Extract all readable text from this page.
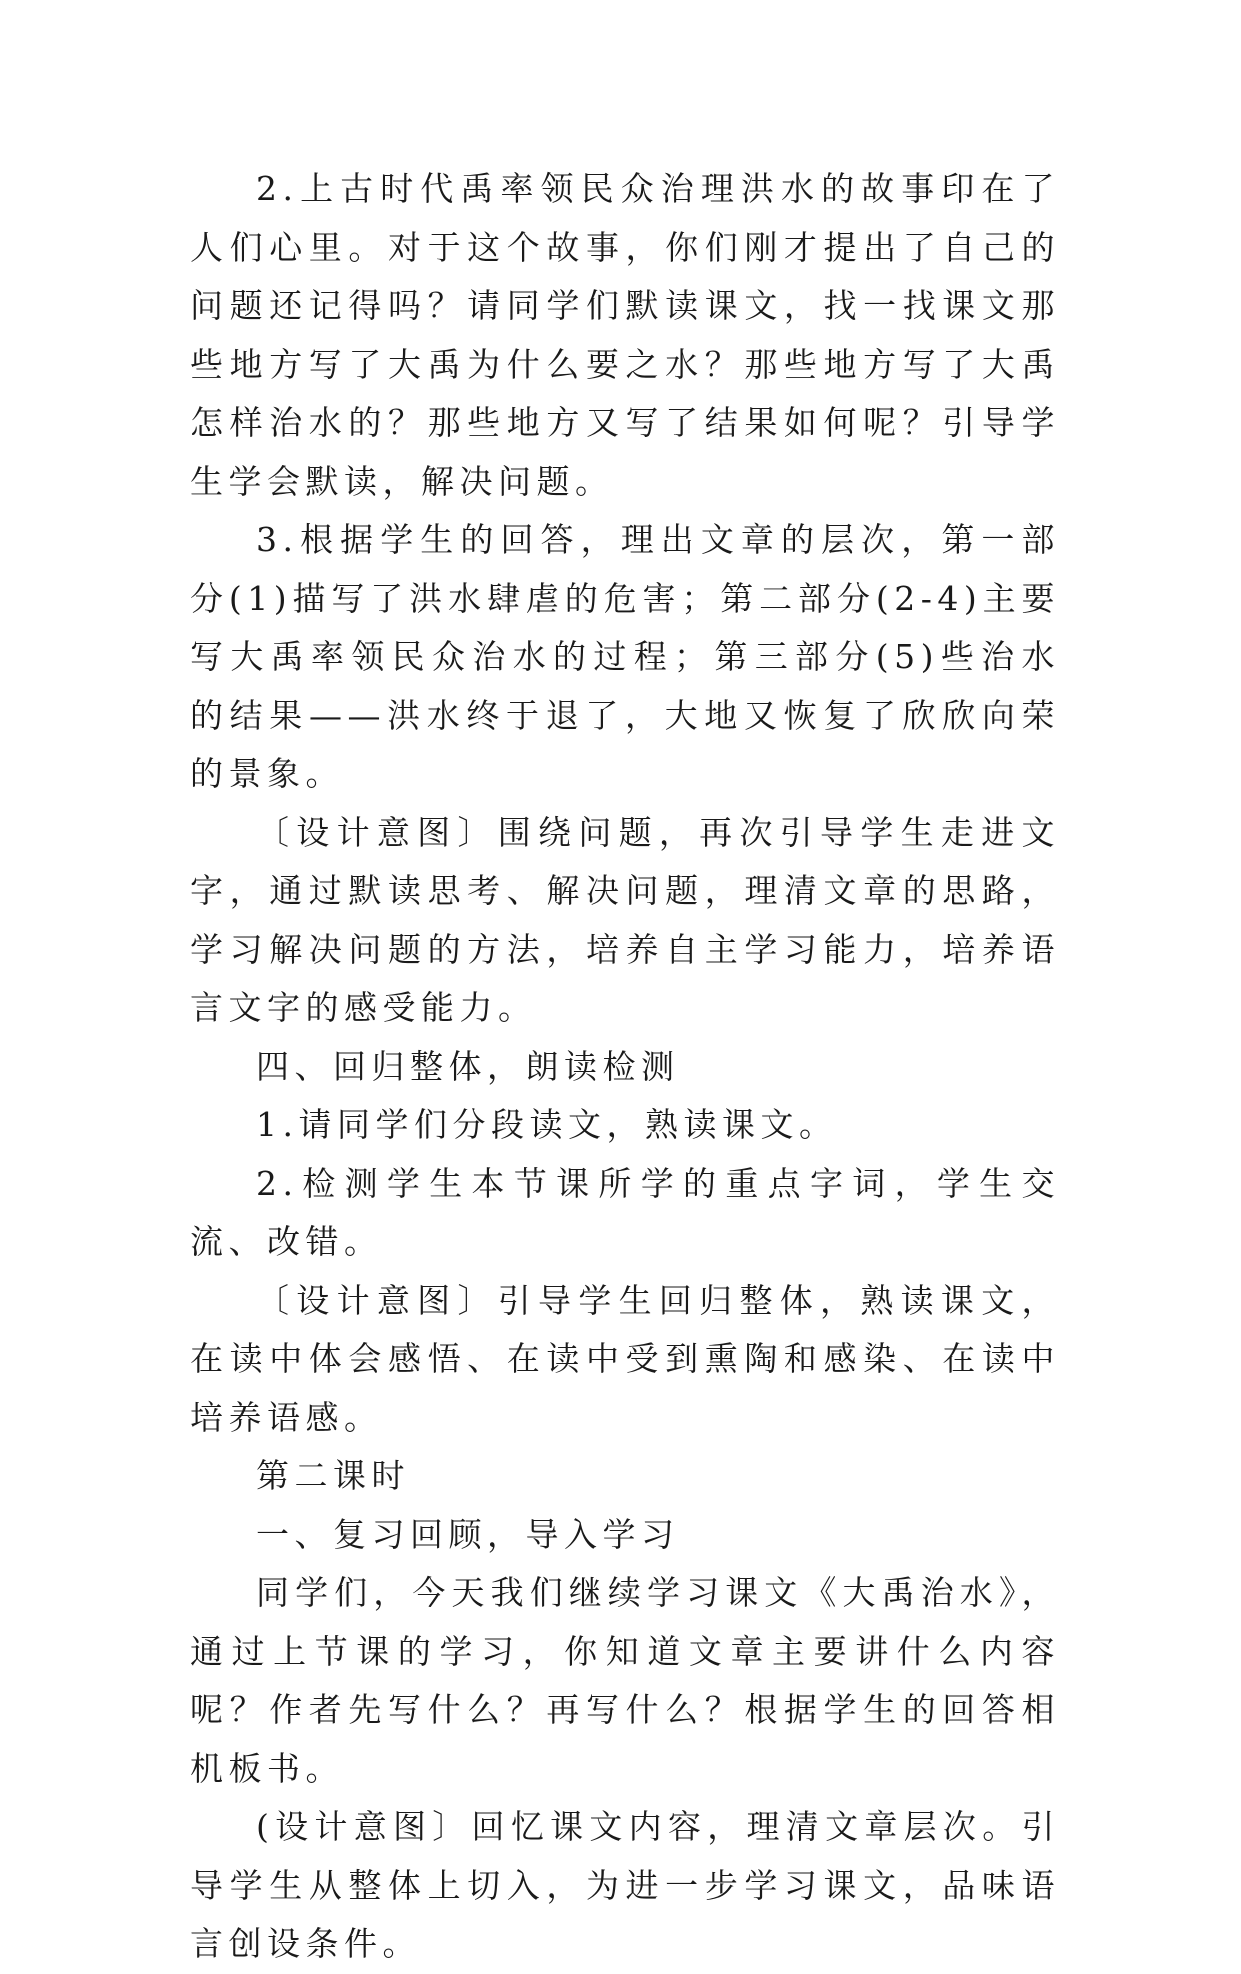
2.上古时代禹率领民众治理洪水的故事印在了人们心里。对于这个故事，你们刚才提出了自己的问题还记得吗？请同学们默读课文，找一找课文那些地方写了大禹为什么要之水？那些地方写了大禹怎样治水的？那些地方又写了结果如何呢？引导学生学会默读，解决问题。

3.根据学生的回答，理出文章的层次，第一部分(1)描写了洪水肆虐的危害；第二部分(2-4)主要写大禹率领民众治水的过程；第三部分(5)些治水的结果——洪水终于退了，大地又恢复了欣欣向荣的景象。

〔设计意图〕围绕问题，再次引导学生走进文字，通过默读思考、解决问题，理清文章的思路，学习解决问题的方法，培养自主学习能力，培养语言文字的感受能力。

四、回归整体，朗读检测

1.请同学们分段读文，熟读课文。

2.检测学生本节课所学的重点字词，学生交流、改错。

〔设计意图〕引导学生回归整体，熟读课文，在读中体会感悟、在读中受到熏陶和感染、在读中培养语感。

第二课时

一、复习回顾，导入学习

同学们，今天我们继续学习课文《大禹治水》，通过上节课的学习，你知道文章主要讲什么内容呢？作者先写什么？再写什么？根据学生的回答相机板书。

(设计意图〕回忆课文内容，理清文章层次。引导学生从整体上切入，为进一步学习课文，品味语言创设条件。
